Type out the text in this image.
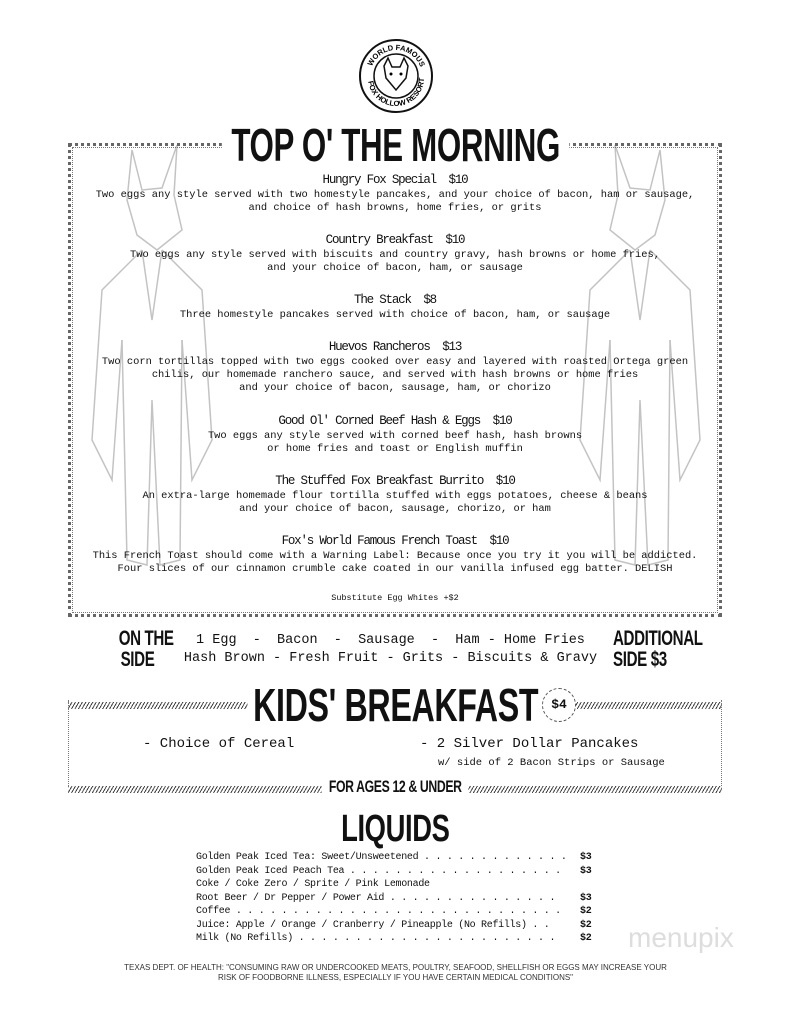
WORLD FAMOUS
FOX HOLLOW RESORT
TOP O' THE MORNING
Hungry Fox Special  $10
Two eggs any style served with two homestyle pancakes, and your choice of bacon, ham or sausage,
and choice of hash browns, home fries, or grits
Country Breakfast  $10
Two eggs any style served with biscuits and country gravy, hash browns or home fries,
and your choice of bacon, ham, or sausage
The Stack  $8
Three homestyle pancakes served with choice of bacon, ham, or sausage
Huevos Rancheros  $13
Two corn tortillas topped with two eggs cooked over easy and layered with roasted Ortega green
chilis, our homemade ranchero sauce, and served with hash browns or home fries
and your choice of bacon, sausage, ham, or chorizo
Good Ol' Corned Beef Hash & Eggs  $10
Two eggs any style served with corned beef hash, hash browns
or home fries and toast or English muffin
The Stuffed Fox Breakfast Burrito  $10
An extra-large homemade flour tortilla stuffed with eggs potatoes, cheese & beans
and your choice of bacon, sausage, chorizo, or ham
Fox's World Famous French Toast  $10
This French Toast should come with a Warning Label: Because once you try it you will be addicted.
Four slices of our cinnamon crumble cake coated in our vanilla infused egg batter. DELISH
Substitute Egg Whites +$2
ON THE
SIDE
1 Egg  -  Bacon  -  Sausage  -  Ham - Home Fries
Hash Brown - Fresh Fruit - Grits - Biscuits & Gravy
ADDITIONAL
SIDE $3
KIDS' BREAKFAST	$4
- Choice of Cereal	- 2 Silver Dollar Pancakes
w/ side of 2 Bacon Strips or Sausage
FOR AGES 12 & UNDER
LIQUIDS
Golden Peak Iced Tea: Sweet/Unsweetened . . . . . . . . . . . . . $3
Golden Peak Iced Peach Tea . . . . . . . . . . . . . . . . . . . $3
Coke / Coke Zero / Sprite / Pink Lemonade
Root Beer / Dr Pepper / Power Aid . . . . . . . . . . . . . . . $3
Coffee . . . . . . . . . . . . . . . . . . . . . . . . . . . . . $2
Juice: Apple / Orange / Cranberry / Pineapple (No Refills) . .	$2
Milk (No Refills) . . . . . . . . . . . . . . . . . . . . . . . $2 menupix
TEXAS DEPT. OF HEALTH: "CONSUMING RAW OR UNDERCOOKED MEATS, POULTRY, SEAFOOD, SHELLFISH OR EGGS MAY INCREASE YOUR RISK OF FOODBORNE ILLNESS, ESPECIALLY IF YOU HAVE CERTAIN MEDICAL CONDITIONS"
